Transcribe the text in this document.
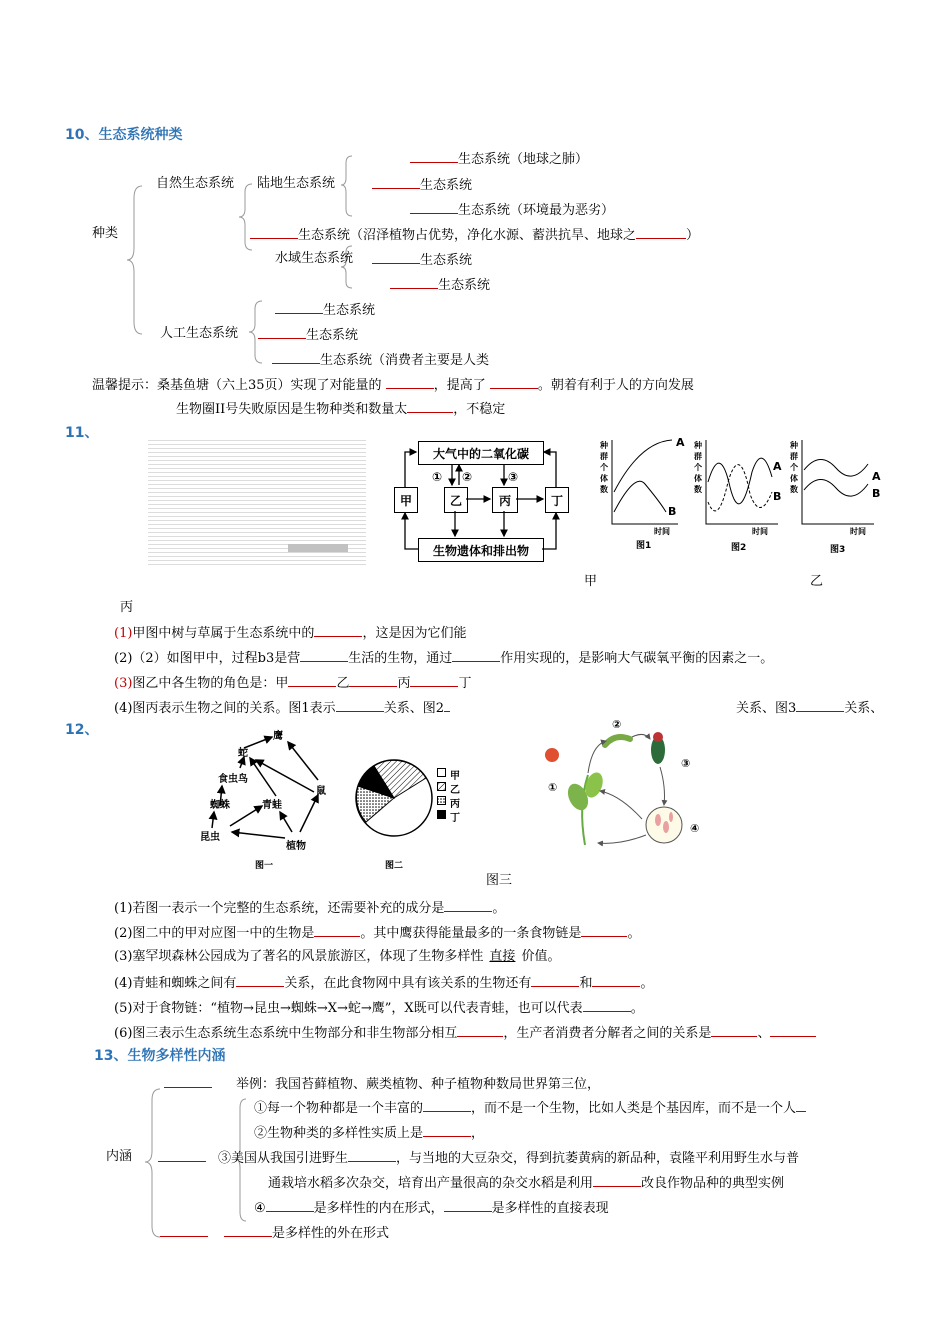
10、生态系统种类
生态系统（地球之肺）
自然生态系统 陆地生态系统	生态系统
生态系统（环境最为恶劣）
种类	生态系统（沼泽植物占优势，净化水源、蓄洪抗旱、地球之	）
水域生态系统	生态系统
生态系统
生态系统
人工生态系统	生态系统
生态系统（消费者主要是人类
温馨提示：桑基鱼塘（六上35页）实现了对能量的	，提高了	。朝着有利于人的方向发展
生物圈II号失败原因是生物种类和数量太	，不稳定
11、
大气中的二氧化碳
甲	乙	丙	丁
生物遗体和排出物
① ②	③
种群个体数
种群个体数
种群个体数
A
B
A
B
A
B
时间	时间	时间
图1	图2	图3
甲	乙
丙
(1)甲图中树与草属于生态系统中的	，这是因为它们能
(2)（2）如图甲中，过程b3是营	生活的生物，通过	作用实现的，是影响大气碳氧平衡的因素之一。
(3)图乙中各生物的角色是：甲	乙	丙	丁
(4)图丙表示生物之间的关系。图1表示	关系、图2	关系、图3	关系、
12、	鹰
蛇
食虫鸟
蜘蛛	青蛙
鼠
昆虫
植物
图一
甲
乙
丙
丁
图二
①
②
③
④
图三
(1)若图一表示一个完整的生态系统，还需要补充的成分是	。
(2)图二中的甲对应图一中的生物是	。其中鹰获得能量最多的一条食物链是	。
(3)塞罕坝森林公园成为了著名的风景旅游区，体现了生物多样性 直接 价值。
(4)青蛙和蜘蛛之间有	关系，在此食物网中具有该关系的生物还有	和	。
(5)对于食物链：“植物→昆虫→蜘蛛→X→蛇→鹰”，X既可以代表青蛙，也可以代表	。
(6)图三表示生态系统生态系统中生物部分和非生物部分相互	，生产者消费者分解者之间的关系是	、
13、生物多样性内涵
举例：我国苔藓植物、蕨类植物、种子植物种数局世界第三位，
①每一个物种都是一个丰富的	，而不是一个生物，比如人类是个基因库，而不是一个人
②生物种类的多样性实质上是	，
内涵	③美国从我国引进野生	，与当地的大豆杂交，得到抗萎黄病的新品种，袁隆平利用野生水与普
通栽培水稻多次杂交，培育出产量很高的杂交水稻是利用	改良作物品种的典型实例
④	是多样性的内在形式，	是多样性的直接表现
是多样性的外在形式
